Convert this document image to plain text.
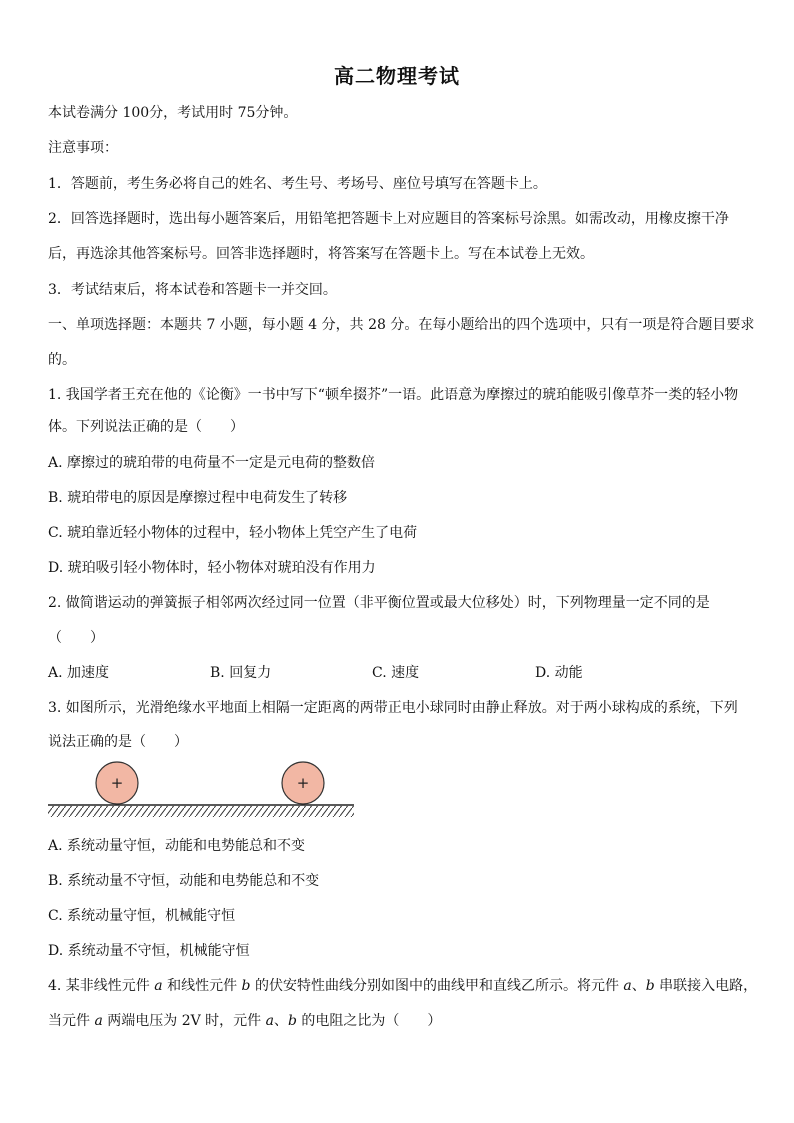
高二物理考试
本试卷满分 100分，考试用时 75分钟。
注意事项：
1．答题前，考生务必将自己的姓名、考生号、考场号、座位号填写在答题卡上。
2．回答选择题时，选出每小题答案后，用铅笔把答题卡上对应题目的答案标号涂黑。如需改动，用橡皮擦干净
后，再选涂其他答案标号。回答非选择题时，将答案写在答题卡上。写在本试卷上无效。
3．考试结束后，将本试卷和答题卡一并交回。
一、单项选择题：本题共 7 小题，每小题 4 分，共 28 分。在每小题给出的四个选项中，只有一项是符合题目要求
的。
1. 我国学者王充在他的《论衡》一书中写下“顿牟掇芥”一语。此语意为摩擦过的琥珀能吸引像草芥一类的轻小物
体。下列说法正确的是（　　）
A. 摩擦过的琥珀带的电荷量不一定是元电荷的整数倍
B. 琥珀带电的原因是摩擦过程中电荷发生了转移
C. 琥珀靠近轻小物体的过程中，轻小物体上凭空产生了电荷
D. 琥珀吸引轻小物体时，轻小物体对琥珀没有作用力
2. 做简谐运动的弹簧振子相邻两次经过同一位置（非平衡位置或最大位移处）时，下列物理量一定不同的是
（　　）
A. 加速度	B. 回复力	C. 速度	D. 动能
3. 如图所示，光滑绝缘水平地面上相隔一定距离的两带正电小球同时由静止释放。对于两小球构成的系统，下列
说法正确的是（　　）
+	+
A. 系统动量守恒，动能和电势能总和不变
B. 系统动量不守恒，动能和电势能总和不变
C. 系统动量守恒，机械能守恒
D. 系统动量不守恒，机械能守恒
4. 某非线性元件 a 和线性元件 b 的伏安特性曲线分别如图中的曲线甲和直线乙所示。将元件 a、b 串联接入电路，
当元件 a 两端电压为 2V 时，元件 a、b 的电阻之比为（　　）
